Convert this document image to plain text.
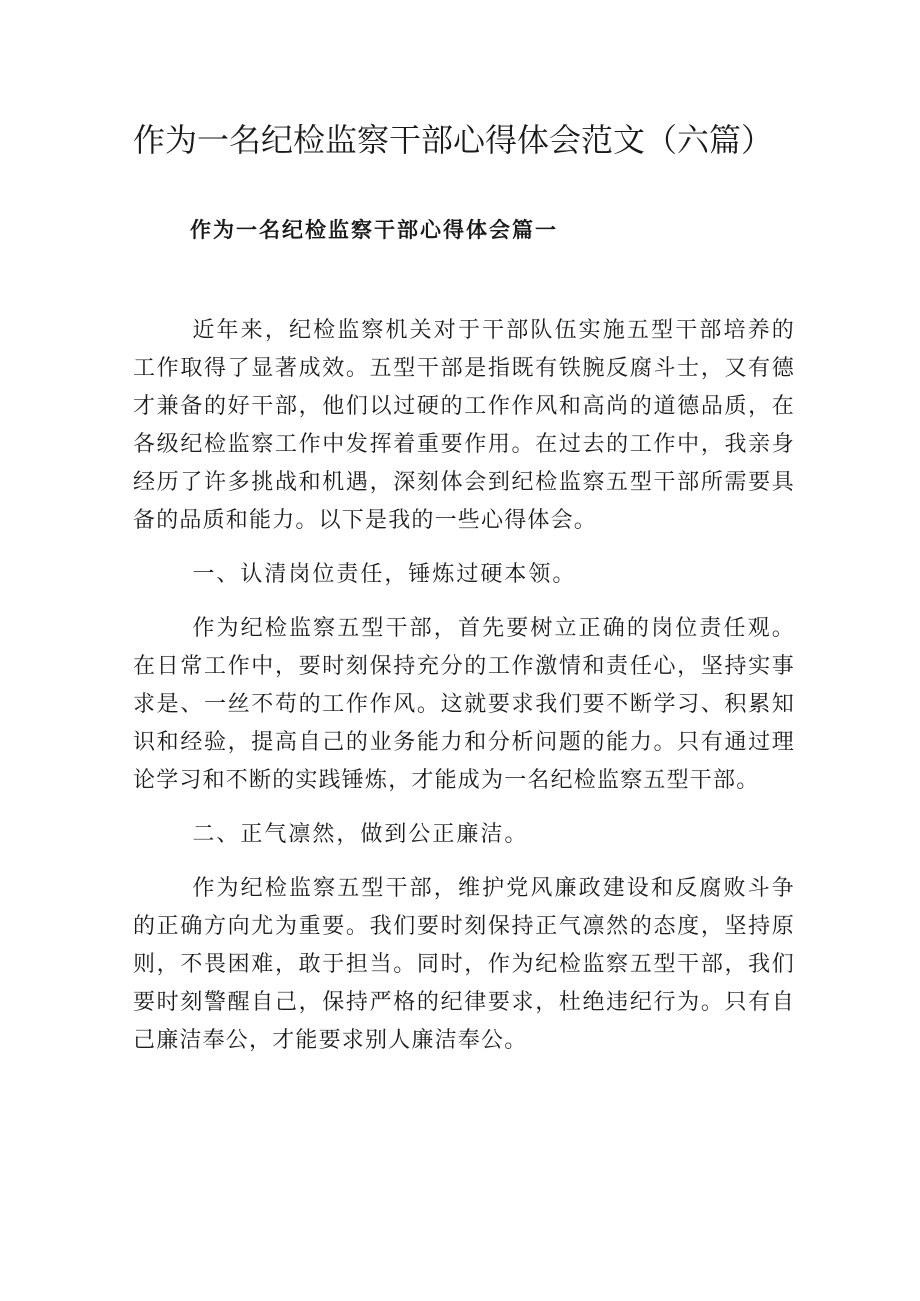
作为一名纪检监察干部心得体会范文（六篇）
作为一名纪检监察干部心得体会篇一

近年来，纪检监察机关对于干部队伍实施五型干部培养的工作取得了显著成效。五型干部是指既有铁腕反腐斗士，又有德才兼备的好干部，他们以过硬的工作作风和高尚的道德品质，在各级纪检监察工作中发挥着重要作用。在过去的工作中，我亲身经历了许多挑战和机遇，深刻体会到纪检监察五型干部所需要具备的品质和能力。以下是我的一些心得体会。

一、认清岗位责任，锤炼过硬本领。

作为纪检监察五型干部，首先要树立正确的岗位责任观。在日常工作中，要时刻保持充分的工作激情和责任心，坚持实事求是、一丝不苟的工作作风。这就要求我们要不断学习、积累知识和经验，提高自己的业务能力和分析问题的能力。只有通过理论学习和不断的实践锤炼，才能成为一名纪检监察五型干部。

二、正气凛然，做到公正廉洁。

作为纪检监察五型干部，维护党风廉政建设和反腐败斗争的正确方向尤为重要。我们要时刻保持正气凛然的态度，坚持原则，不畏困难，敢于担当。同时，作为纪检监察五型干部，我们要时刻警醒自己，保持严格的纪律要求，杜绝违纪行为。只有自己廉洁奉公，才能要求别人廉洁奉公。
